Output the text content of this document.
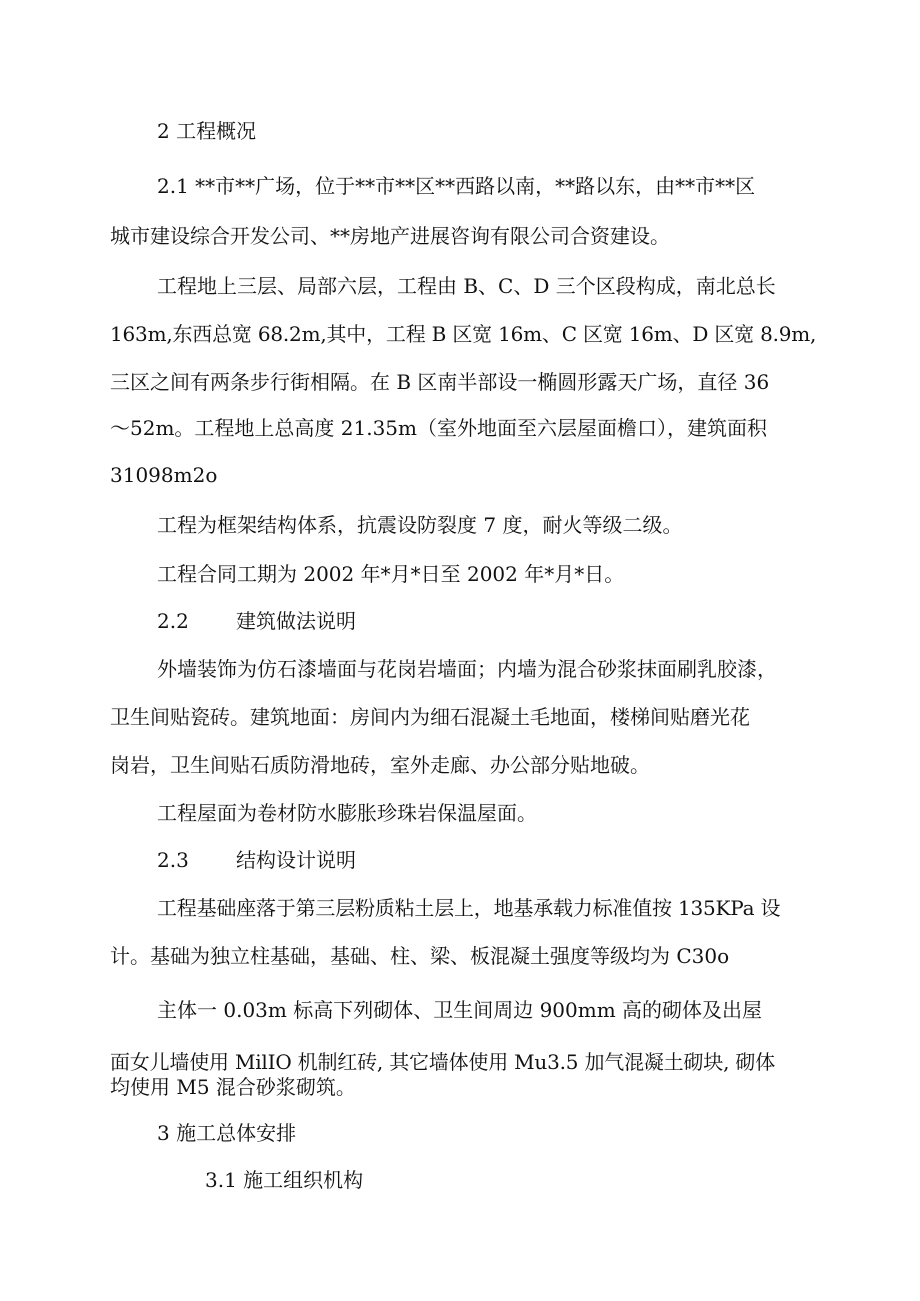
2 工程概况
2.1 **市**广场，位于**市**区**西路以南，**路以东，由**市**区
城市建设综合开发公司、**房地产进展咨询有限公司合资建设。
工程地上三层、局部六层，工程由 B、C、D 三个区段构成，南北总长
163m,东西总宽 68.2m,其中，工程 B 区宽 16m、C 区宽 16m、D 区宽 8.9m,
三区之间有两条步行街相隔。在 B 区南半部设一椭圆形露天广场，直径 36
～52m。工程地上总高度 21.35m（室外地面至六层屋面檐口），建筑面积
31098m2o
工程为框架结构体系，抗震设防裂度 7 度，耐火等级二级。
工程合同工期为 2002 年*月*日至 2002 年*月*日。
2.2 建筑做法说明
外墙装饰为仿石漆墙面与花岗岩墙面；内墙为混合砂浆抹面刷乳胶漆，
卫生间贴瓷砖。建筑地面：房间内为细石混凝土毛地面，楼梯间贴磨光花
岗岩，卫生间贴石质防滑地砖，室外走廊、办公部分贴地破。
工程屋面为卷材防水膨胀珍珠岩保温屋面。
2.3 结构设计说明
工程基础座落于第三层粉质粘土层上，地基承载力标准值按 135KPa 设
计。基础为独立柱基础，基础、柱、梁、板混凝土强度等级均为 C30o
主体一 0.03m 标高下列砌体、卫生间周边 900mm 高的砌体及出屋
面女儿墙使用 MilIO 机制红砖, 其它墙体使用 Mu3.5 加气混凝土砌块, 砌体
均使用 M5 混合砂浆砌筑。
3 施工总体安排
3.1 施工组织机构
